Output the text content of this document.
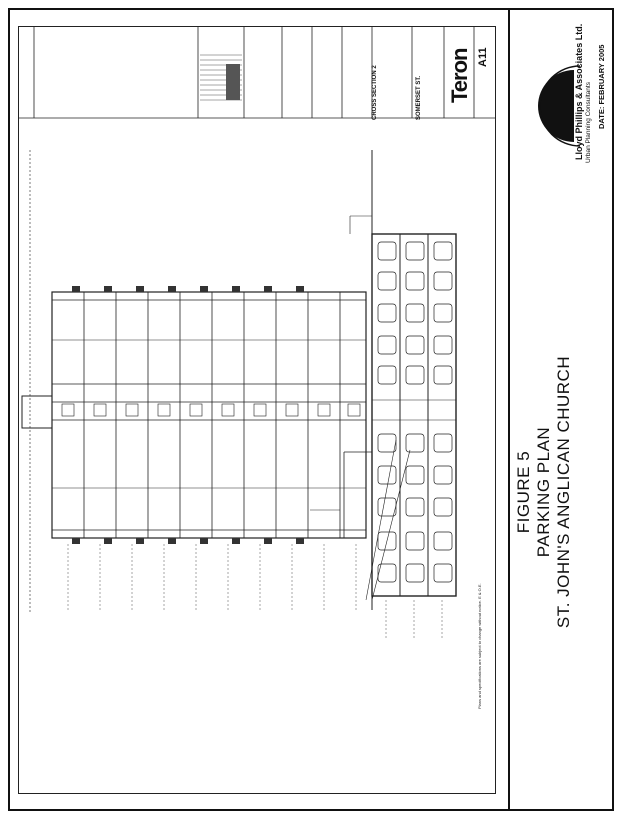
FIGURE 5 PARKING PLAN ST. JOHN'S ANGLICAN CHURCH
Lloyd Phillips & Associates Ltd. Urban Planning Consultants DATE: FEBRUARY 2005
CROSS SECTION 2	SOMERSET ST. Teron A11
Plans and specifications are subject to change without notice. E & O.E.
